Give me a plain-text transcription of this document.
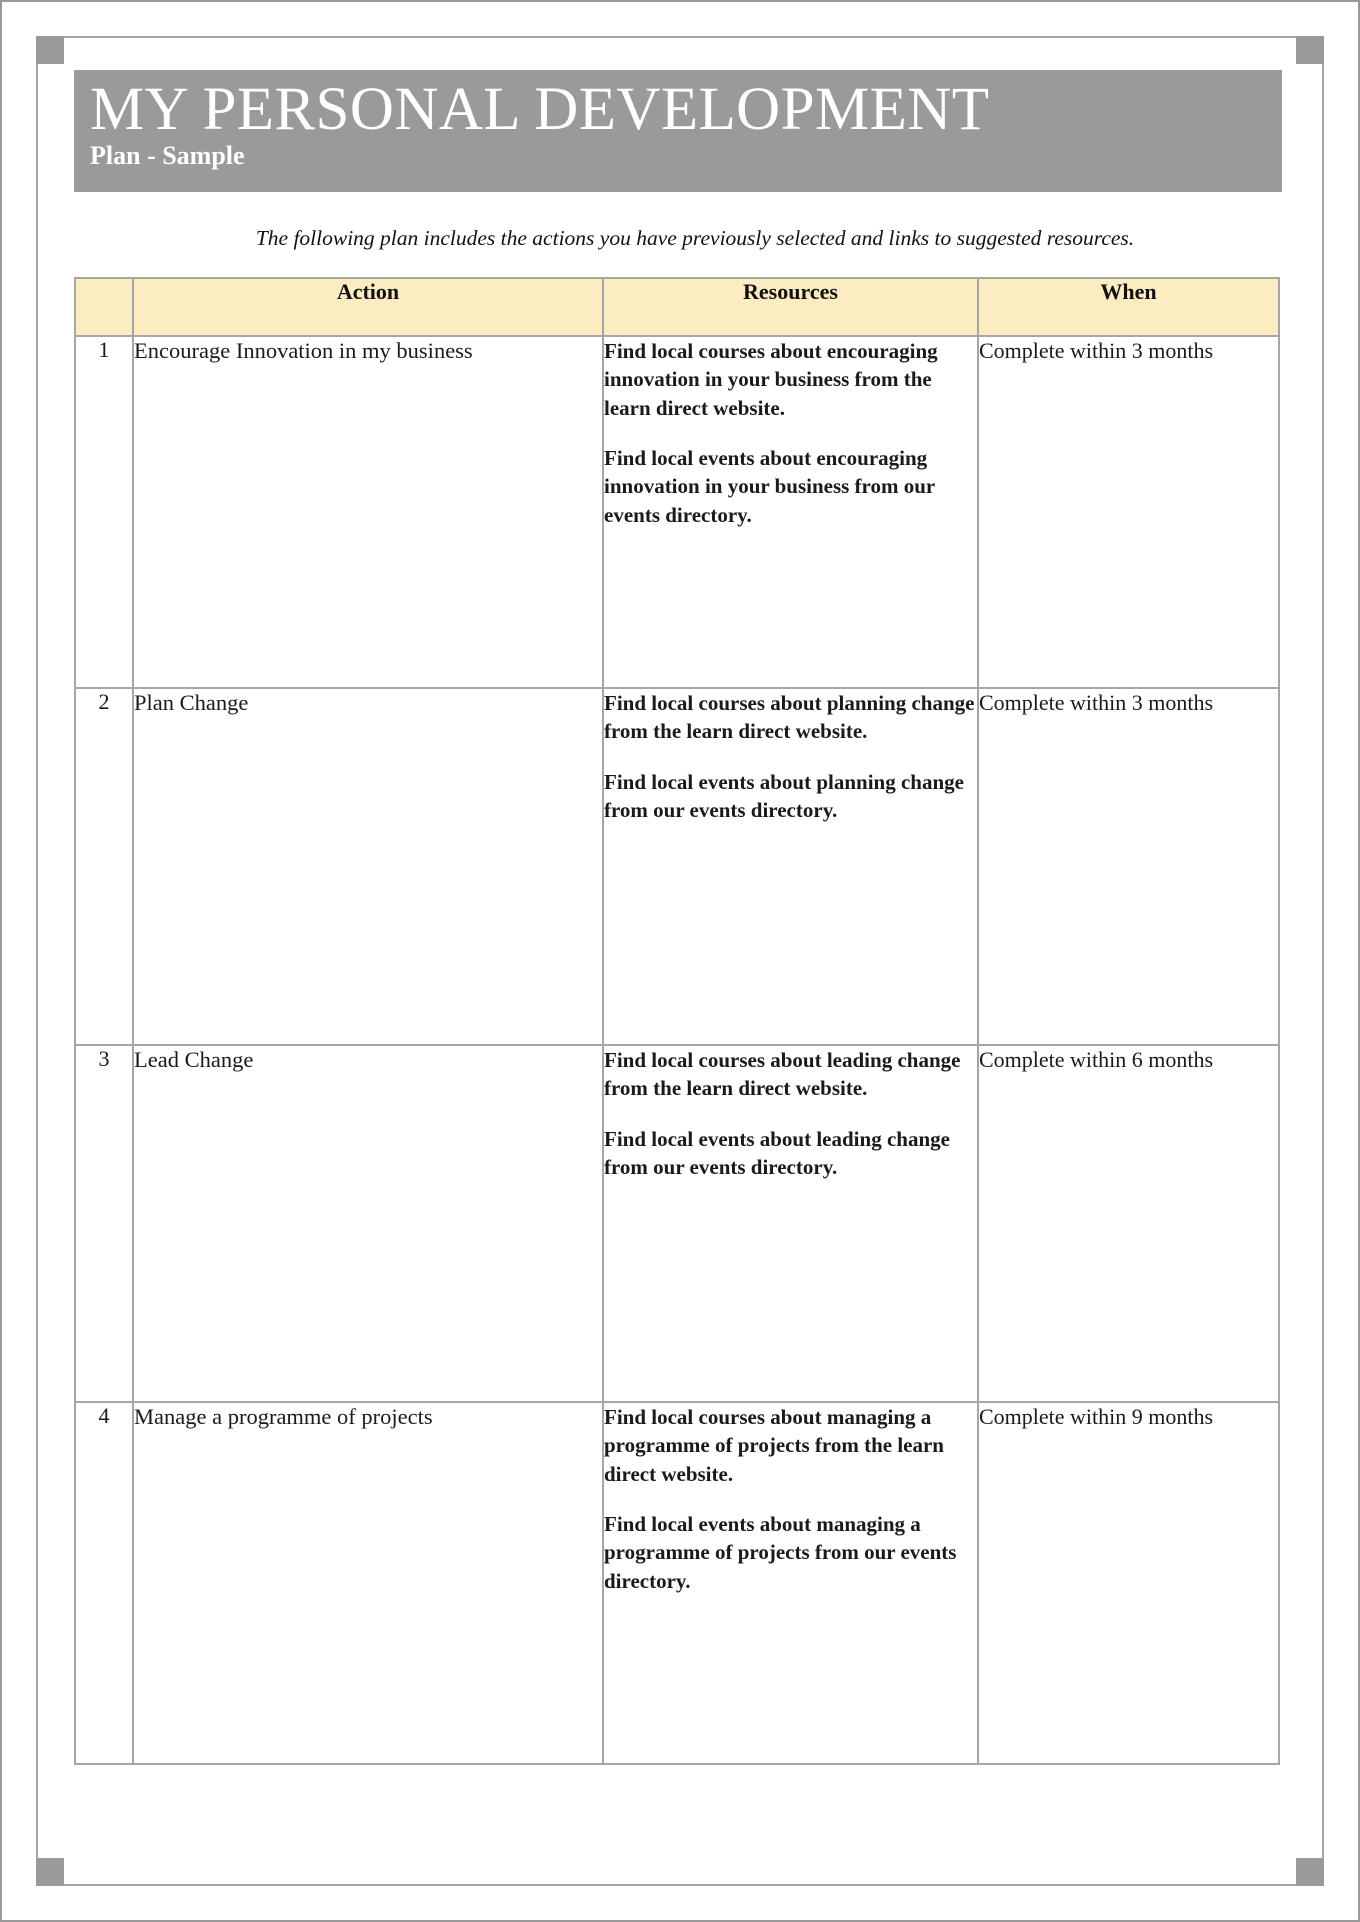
MY PERSONAL DEVELOPMENT
Plan - Sample
The following plan includes the actions you have previously selected and links to suggested resources.
	Action	Resources	When
1	Encourage Innovation in my business	Find local courses about encouraging innovation in your business from the learn direct website.

Find local events about encouraging innovation in your business from our events directory.	Complete within 3 months
2	Plan Change	Find local courses about planning change from the learn direct website.

Find local events about planning change from our events directory.	Complete within 3 months
3	Lead Change	Find local courses about leading change from the learn direct website.

Find local events about leading change from our events directory.	Complete within 6 months
4	Manage a programme of projects	Find local courses about managing a programme of projects from the learn direct website.

Find local events about managing a programme of projects from our events directory.	Complete within 9 months
